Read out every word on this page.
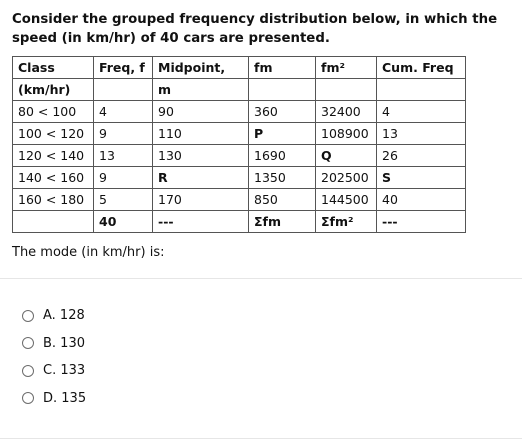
Consider the grouped frequency distribution below, in which the speed (in km/hr) of 40 cars are presented.

Class	Freq, f	Midpoint,	fm	fm²	Cum. Freq
(km/hr)		m			
80 < 100	4	90	360	32400	4
100 < 120	9	110	P	108900	13
120 < 140	13	130	1690	Q	26
140 < 160	9	R	1350	202500	S
160 < 180	5	170	850	144500	40
	40	---	Σfm	Σfm²	---

The mode (in km/hr) is:

A. 128
B. 130
C. 133
D. 135
